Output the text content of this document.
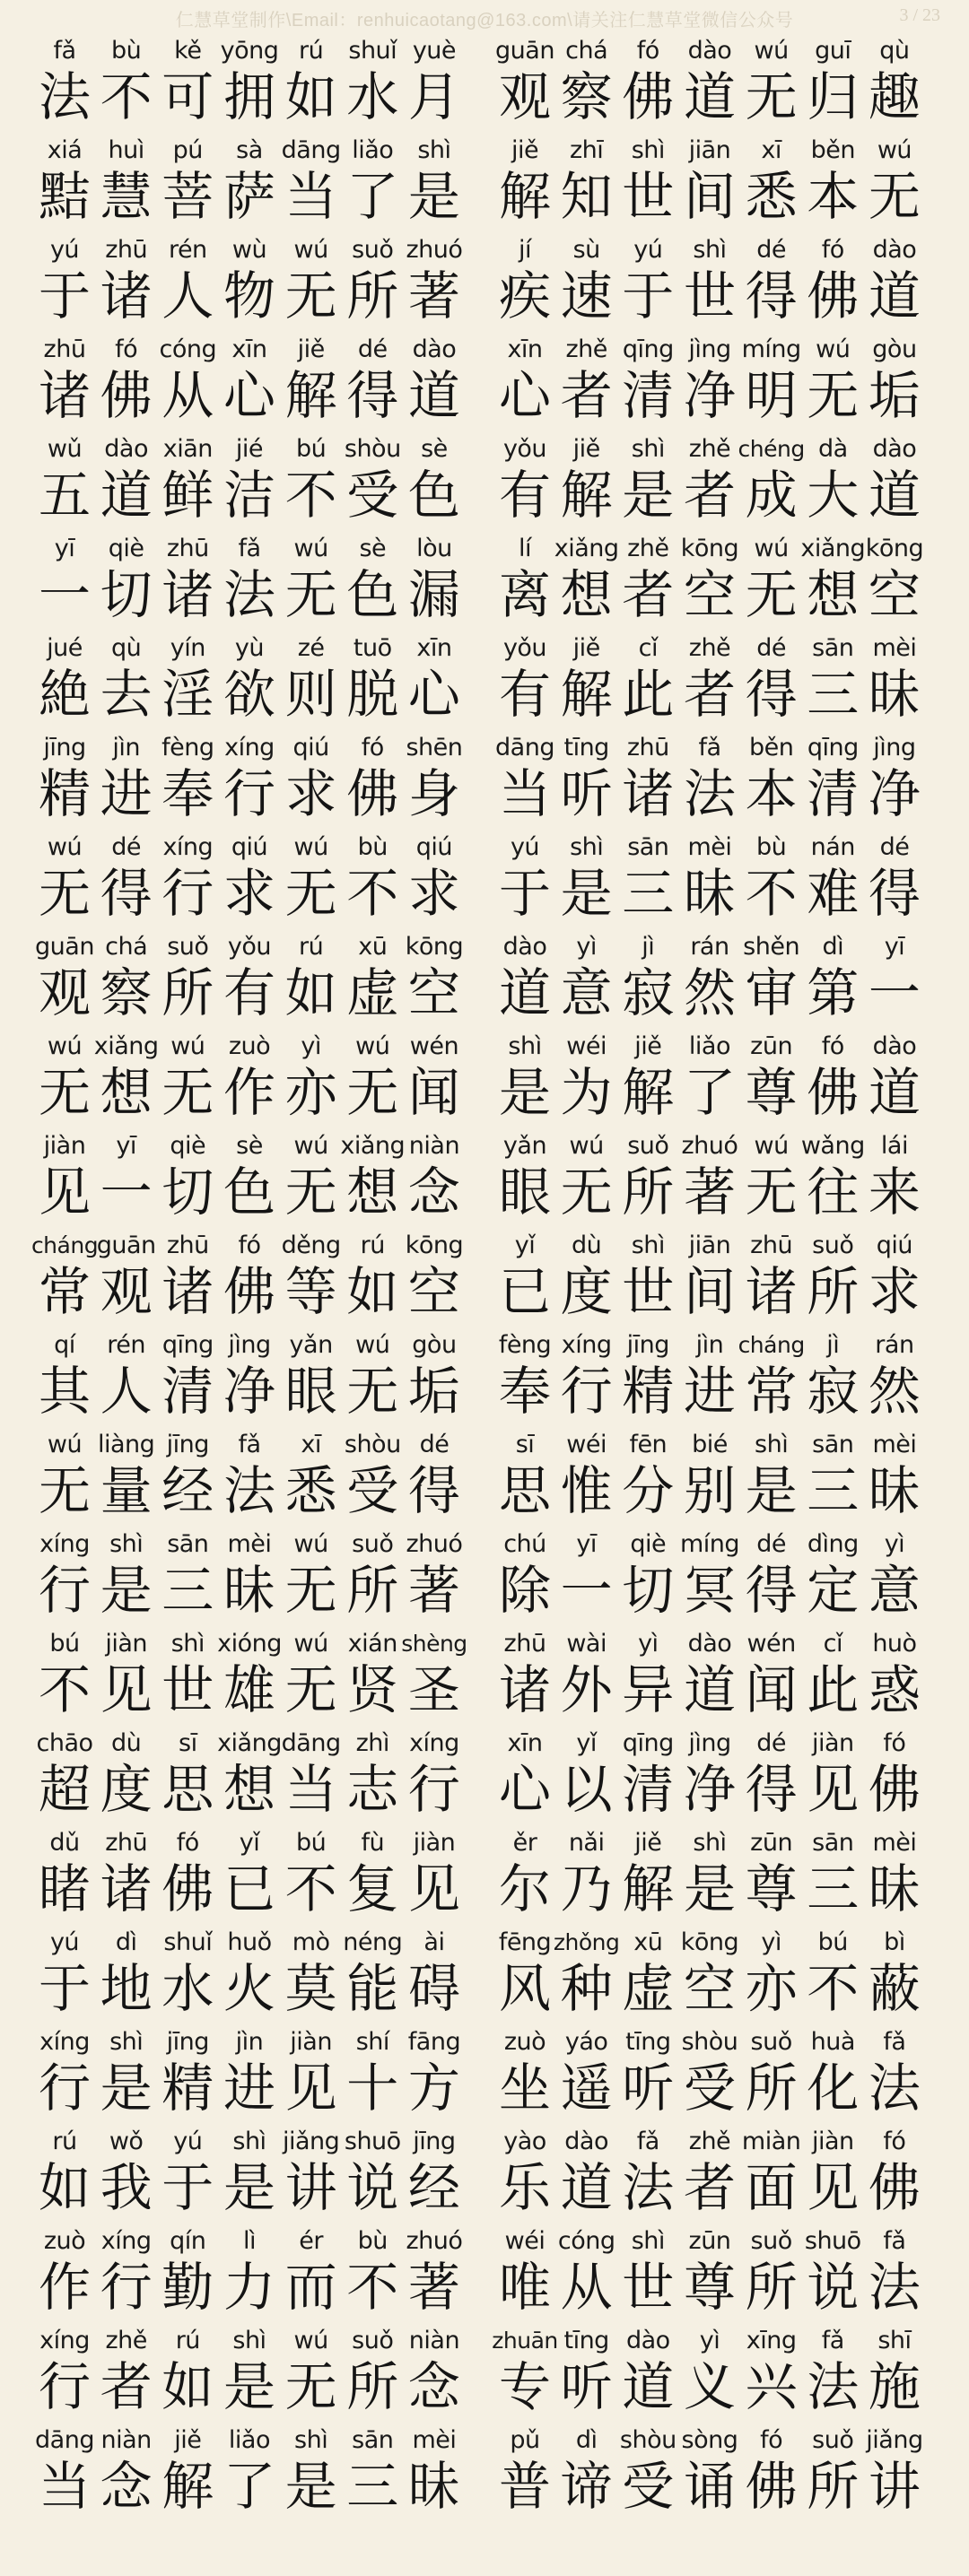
仁慧草堂制作\Email：renhuicaotang@163.com\请关注仁慧草堂微信公众号	3 / 23
fǎ
法
bù
不
kě
可
yōng
拥
rú
如
shuǐ
水
yuè
月
guān
观
chá
察
fó
佛
dào
道
wú
无
guī
归
qù
趣
xiá
黠
huì
慧
pú
菩
sà
萨
dāng
当
liǎo
了
shì
是
jiě
解
zhī
知
shì
世
jiān
间
xī
悉
běn
本
wú
无
yú
于
zhū
诸
rén
人
wù
物
wú
无
suǒ
所
zhuó
著
jí
疾
sù
速
yú
于
shì
世
dé
得
fó
佛
dào
道
zhū
诸
fó
佛
cóng
从
xīn
心
jiě
解
dé
得
dào
道
xīn
心
zhě
者
qīng
清
jìng
净
míng
明
wú
无
gòu
垢
wǔ
五
dào
道
xiān
鲜
jié
洁
bú
不
shòu
受
sè
色
yǒu
有
jiě
解
shì
是
zhě
者
chéng
成
dà
大
dào
道
yī
一
qiè
切
zhū
诸
fǎ
法
wú
无
sè
色
lòu
漏
lí
离
xiǎng
想
zhě
者
kōng
空
wú
无
xiǎng
想
kōng
空
jué
絶
qù
去
yín
淫
yù
欲
zé
则
tuō
脱
xīn
心
yǒu
有
jiě
解
cǐ
此
zhě
者
dé
得
sān
三
mèi
昧
jīng
精
jìn
进
fèng
奉
xíng
行
qiú
求
fó
佛
shēn
身
dāng
当
tīng
听
zhū
诸
fǎ
法
běn
本
qīng
清
jìng
净
wú
无
dé
得
xíng
行
qiú
求
wú
无
bù
不
qiú
求
yú
于
shì
是
sān
三
mèi
昧
bù
不
nán
难
dé
得
guān
观
chá
察
suǒ
所
yǒu
有
rú
如
xū
虚
kōng
空
dào
道
yì
意
jì
寂
rán
然
shěn
审
dì
第
yī
一
wú
无
xiǎng
想
wú
无
zuò
作
yì
亦
wú
无
wén
闻
shì
是
wéi
为
jiě
解
liǎo
了
zūn
尊
fó
佛
dào
道
jiàn
见
yī
一
qiè
切
sè
色
wú
无
xiǎng
想
niàn
念
yǎn
眼
wú
无
suǒ
所
zhuó
著
wú
无
wǎng
往
lái
来
cháng
常
guān
观
zhū
诸
fó
佛
děng
等
rú
如
kōng
空
yǐ
已
dù
度
shì
世
jiān
间
zhū
诸
suǒ
所
qiú
求
qí
其
rén
人
qīng
清
jìng
净
yǎn
眼
wú
无
gòu
垢
fèng
奉
xíng
行
jīng
精
jìn
进
cháng
常
jì
寂
rán
然
wú
无
liàng
量
jīng
经
fǎ
法
xī
悉
shòu
受
dé
得
sī
思
wéi
惟
fēn
分
bié
别
shì
是
sān
三
mèi
昧
xíng
行
shì
是
sān
三
mèi
昧
wú
无
suǒ
所
zhuó
著
chú
除
yī
一
qiè
切
míng
冥
dé
得
dìng
定
yì
意
bú
不
jiàn
见
shì
世
xióng
雄
wú
无
xián
贤
shèng
圣
zhū
诸
wài
外
yì
异
dào
道
wén
闻
cǐ
此
huò
惑
chāo
超
dù
度
sī
思
xiǎng
想
dāng
当
zhì
志
xíng
行
xīn
心
yǐ
以
qīng
清
jìng
净
dé
得
jiàn
见
fó
佛
dǔ
睹
zhū
诸
fó
佛
yǐ
已
bú
不
fù
复
jiàn
见
ěr
尔
nǎi
乃
jiě
解
shì
是
zūn
尊
sān
三
mèi
昧
yú
于
dì
地
shuǐ
水
huǒ
火
mò
莫
néng
能
ài
碍
fēng
风
zhǒng
种
xū
虚
kōng
空
yì
亦
bú
不
bì
蔽
xíng
行
shì
是
jīng
精
jìn
进
jiàn
见
shí
十
fāng
方
zuò
坐
yáo
遥
tīng
听
shòu
受
suǒ
所
huà
化
fǎ
法
rú
如
wǒ
我
yú
于
shì
是
jiǎng
讲
shuō
说
jīng
经
yào
乐
dào
道
fǎ
法
zhě
者
miàn
面
jiàn
见
fó
佛
zuò
作
xíng
行
qín
勤
lì
力
ér
而
bù
不
zhuó
著
wéi
唯
cóng
从
shì
世
zūn
尊
suǒ
所
shuō
说
fǎ
法
xíng
行
zhě
者
rú
如
shì
是
wú
无
suǒ
所
niàn
念
zhuān
专
tīng
听
dào
道
yì
义
xīng
兴
fǎ
法
shī
施
dāng
当
niàn
念
jiě
解
liǎo
了
shì
是
sān
三
mèi
昧
pǔ
普
dì
谛
shòu
受
sòng
诵
fó
佛
suǒ
所
jiǎng
讲
